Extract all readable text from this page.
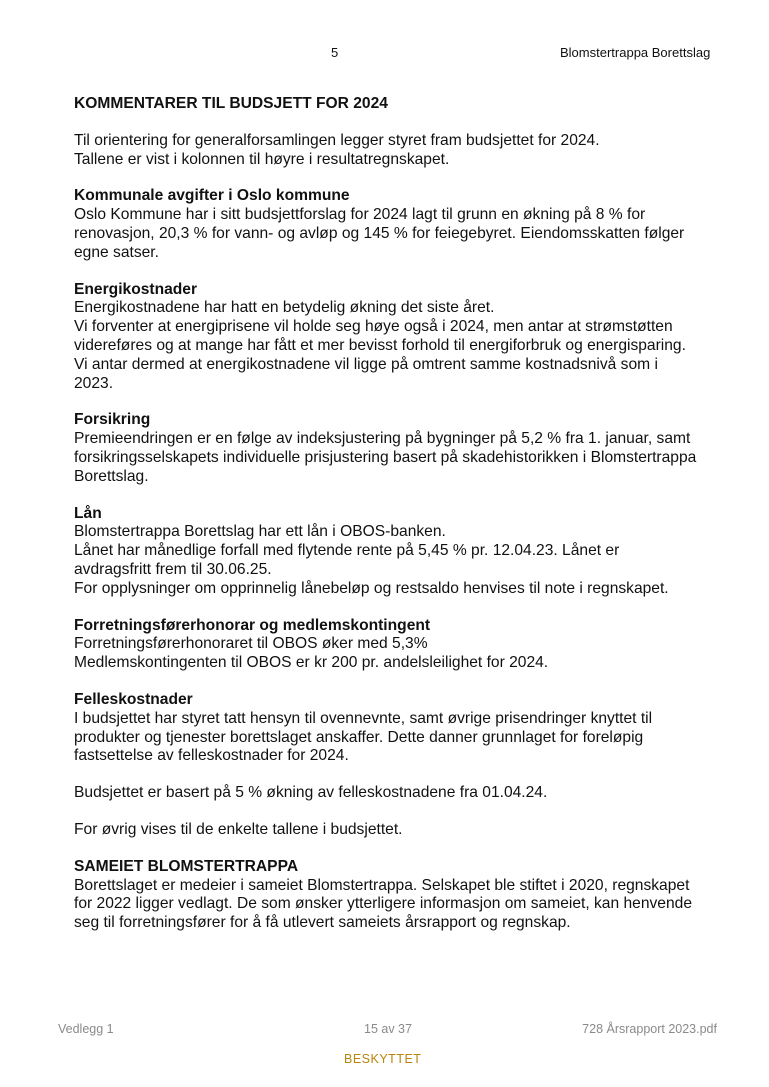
5	Blomstertrappa Borettslag
KOMMENTARER TIL BUDSJETT FOR 2024

Til orientering for generalforsamlingen legger styret fram budsjettet for 2024.
Tallene er vist i kolonnen til høyre i resultatregnskapet.

Kommunale avgifter i Oslo kommune

Oslo Kommune har i sitt budsjettforslag for 2024 lagt til grunn en økning på 8 % for
renovasjon, 20,3 % for vann- og avløp og 145 % for feiegebyret. Eiendomsskatten følger
egne satser.

Energikostnader

Energikostnadene har hatt en betydelig økning det siste året.
Vi forventer at energiprisene vil holde seg høye også i 2024, men antar at strømstøtten
videreføres og at mange har fått et mer bevisst forhold til energiforbruk og energisparing.
Vi antar dermed at energikostnadene vil ligge på omtrent samme kostnadsnivå som i
2023.

Forsikring

Premieendringen er en følge av indeksjustering på bygninger på 5,2 % fra 1. januar, samt
forsikringsselskapets individuelle prisjustering basert på skadehistorikken i Blomstertrappa
Borettslag.

Lån

Blomstertrappa Borettslag har ett lån i OBOS-banken.
Lånet har månedlige forfall med flytende rente på 5,45 % pr. 12.04.23. Lånet er
avdragsfritt frem til 30.06.25.
For opplysninger om opprinnelig lånebeløp og restsaldo henvises til note i regnskapet.

Forretningsførerhonorar og medlemskontingent

Forretningsførerhonoraret til OBOS øker med 5,3%
Medlemskontingenten til OBOS er kr 200 pr. andelsleilighet for 2024.

Felleskostnader

I budsjettet har styret tatt hensyn til ovennevnte, samt øvrige prisendringer knyttet til
produkter og tjenester borettslaget anskaffer. Dette danner grunnlaget for foreløpig
fastsettelse av felleskostnader for 2024.

Budsjettet er basert på 5 % økning av felleskostnadene fra 01.04.24.

For øvrig vises til de enkelte tallene i budsjettet.

SAMEIET BLOMSTERTRAPPA

Borettslaget er medeier i sameiet Blomstertrappa. Selskapet ble stiftet i 2020, regnskapet
for 2022 ligger vedlagt. De som ønsker ytterligere informasjon om sameiet, kan henvende
seg til forretningsfører for å få utlevert sameiets årsrapport og regnskap.

Vedlegg 1	15 av 37	728 Årsrapport 2023.pdf
BESKYTTET
